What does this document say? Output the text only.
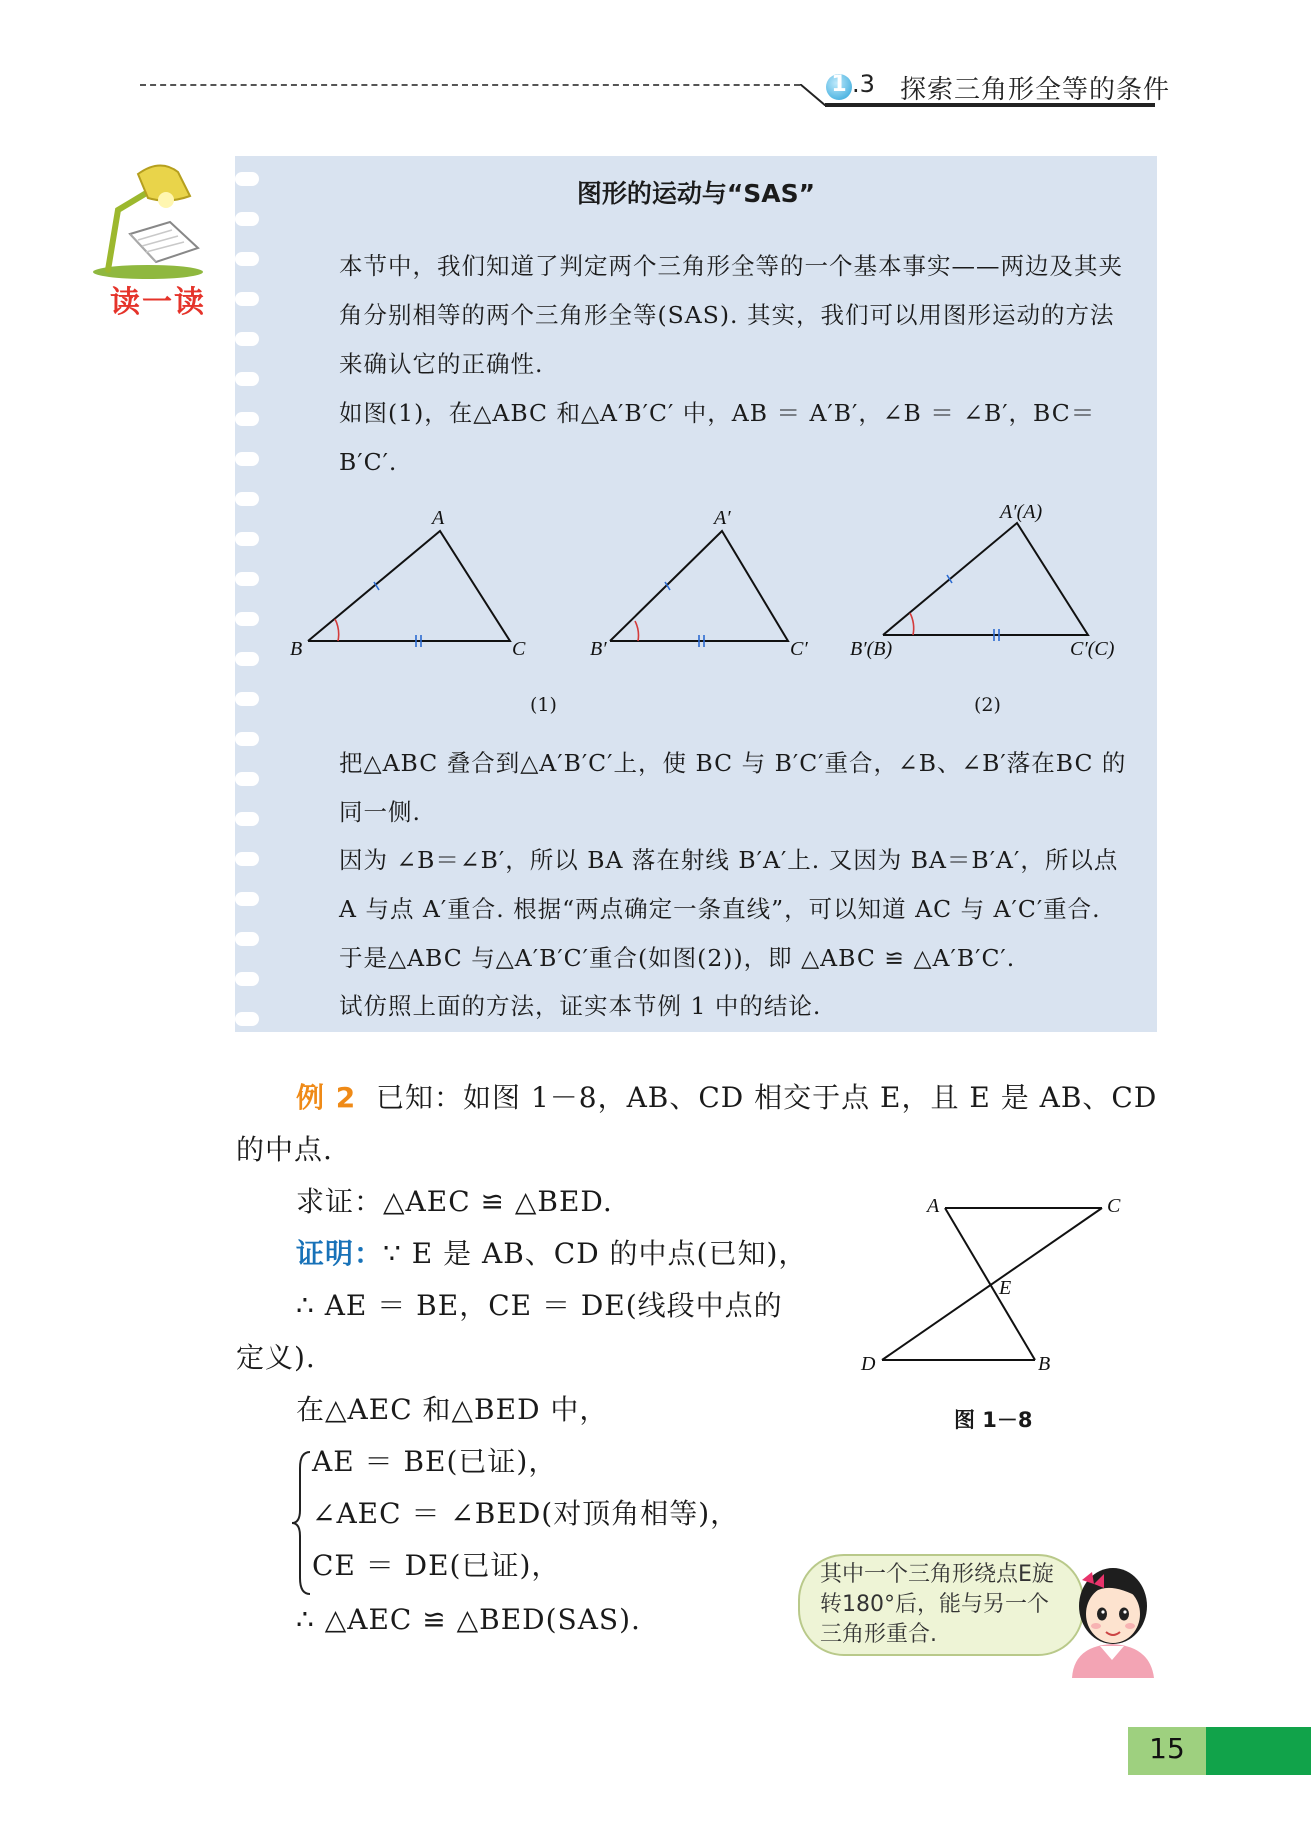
1 .3 探索三角形全等的条件
读一读
图形的运动与“SAS”
本节中，我们知道了判定两个三角形全等的一个基本事实——两边及其夹角分别相等的两个三角形全等(SAS). 其实，我们可以用图形运动的方法来确认它的正确性.
如图(1)，在△ABC 和△A′B′C′ 中，AB ＝ A′B′，∠B ＝ ∠B′，BC＝B′C′.
A
B	C
A′
B′	C′
A′(A)
B′(B)	C′(C)
(1)	(2)
把△ABC 叠合到△A′B′C′上，使 BC 与 B′C′重合，∠B、∠B′落在BC 的同一侧.
因为 ∠B＝∠B′，所以 BA 落在射线 B′A′上. 又因为 BA＝B′A′，所以点 A 与点 A′重合. 根据“两点确定一条直线”，可以知道 AC 与 A′C′重合. 于是△ABC 与△A′B′C′重合(如图(2))，即 △ABC ≌ △A′B′C′.
试仿照上面的方法，证实本节例 1 中的结论.
例 2 已知：如图 1－8，AB、CD 相交于点 E，且 E 是 AB、CD
的中点.
求证：△AEC ≌ △BED.
证明：∵ E 是 AB、CD 的中点(已知)，
∴ AE ＝ BE，CE ＝ DE(线段中点的
定义).
在△AEC 和△BED 中，
AE ＝ BE(已证)，
∠AEC ＝ ∠BED(对顶角相等)，
CE ＝ DE(已证)，
∴ △AEC ≌ △BED(SAS).
A	C
E
D	B
图 1－8
其中一个三角形绕点E旋转180°后，能与另一个三角形重合.
15
